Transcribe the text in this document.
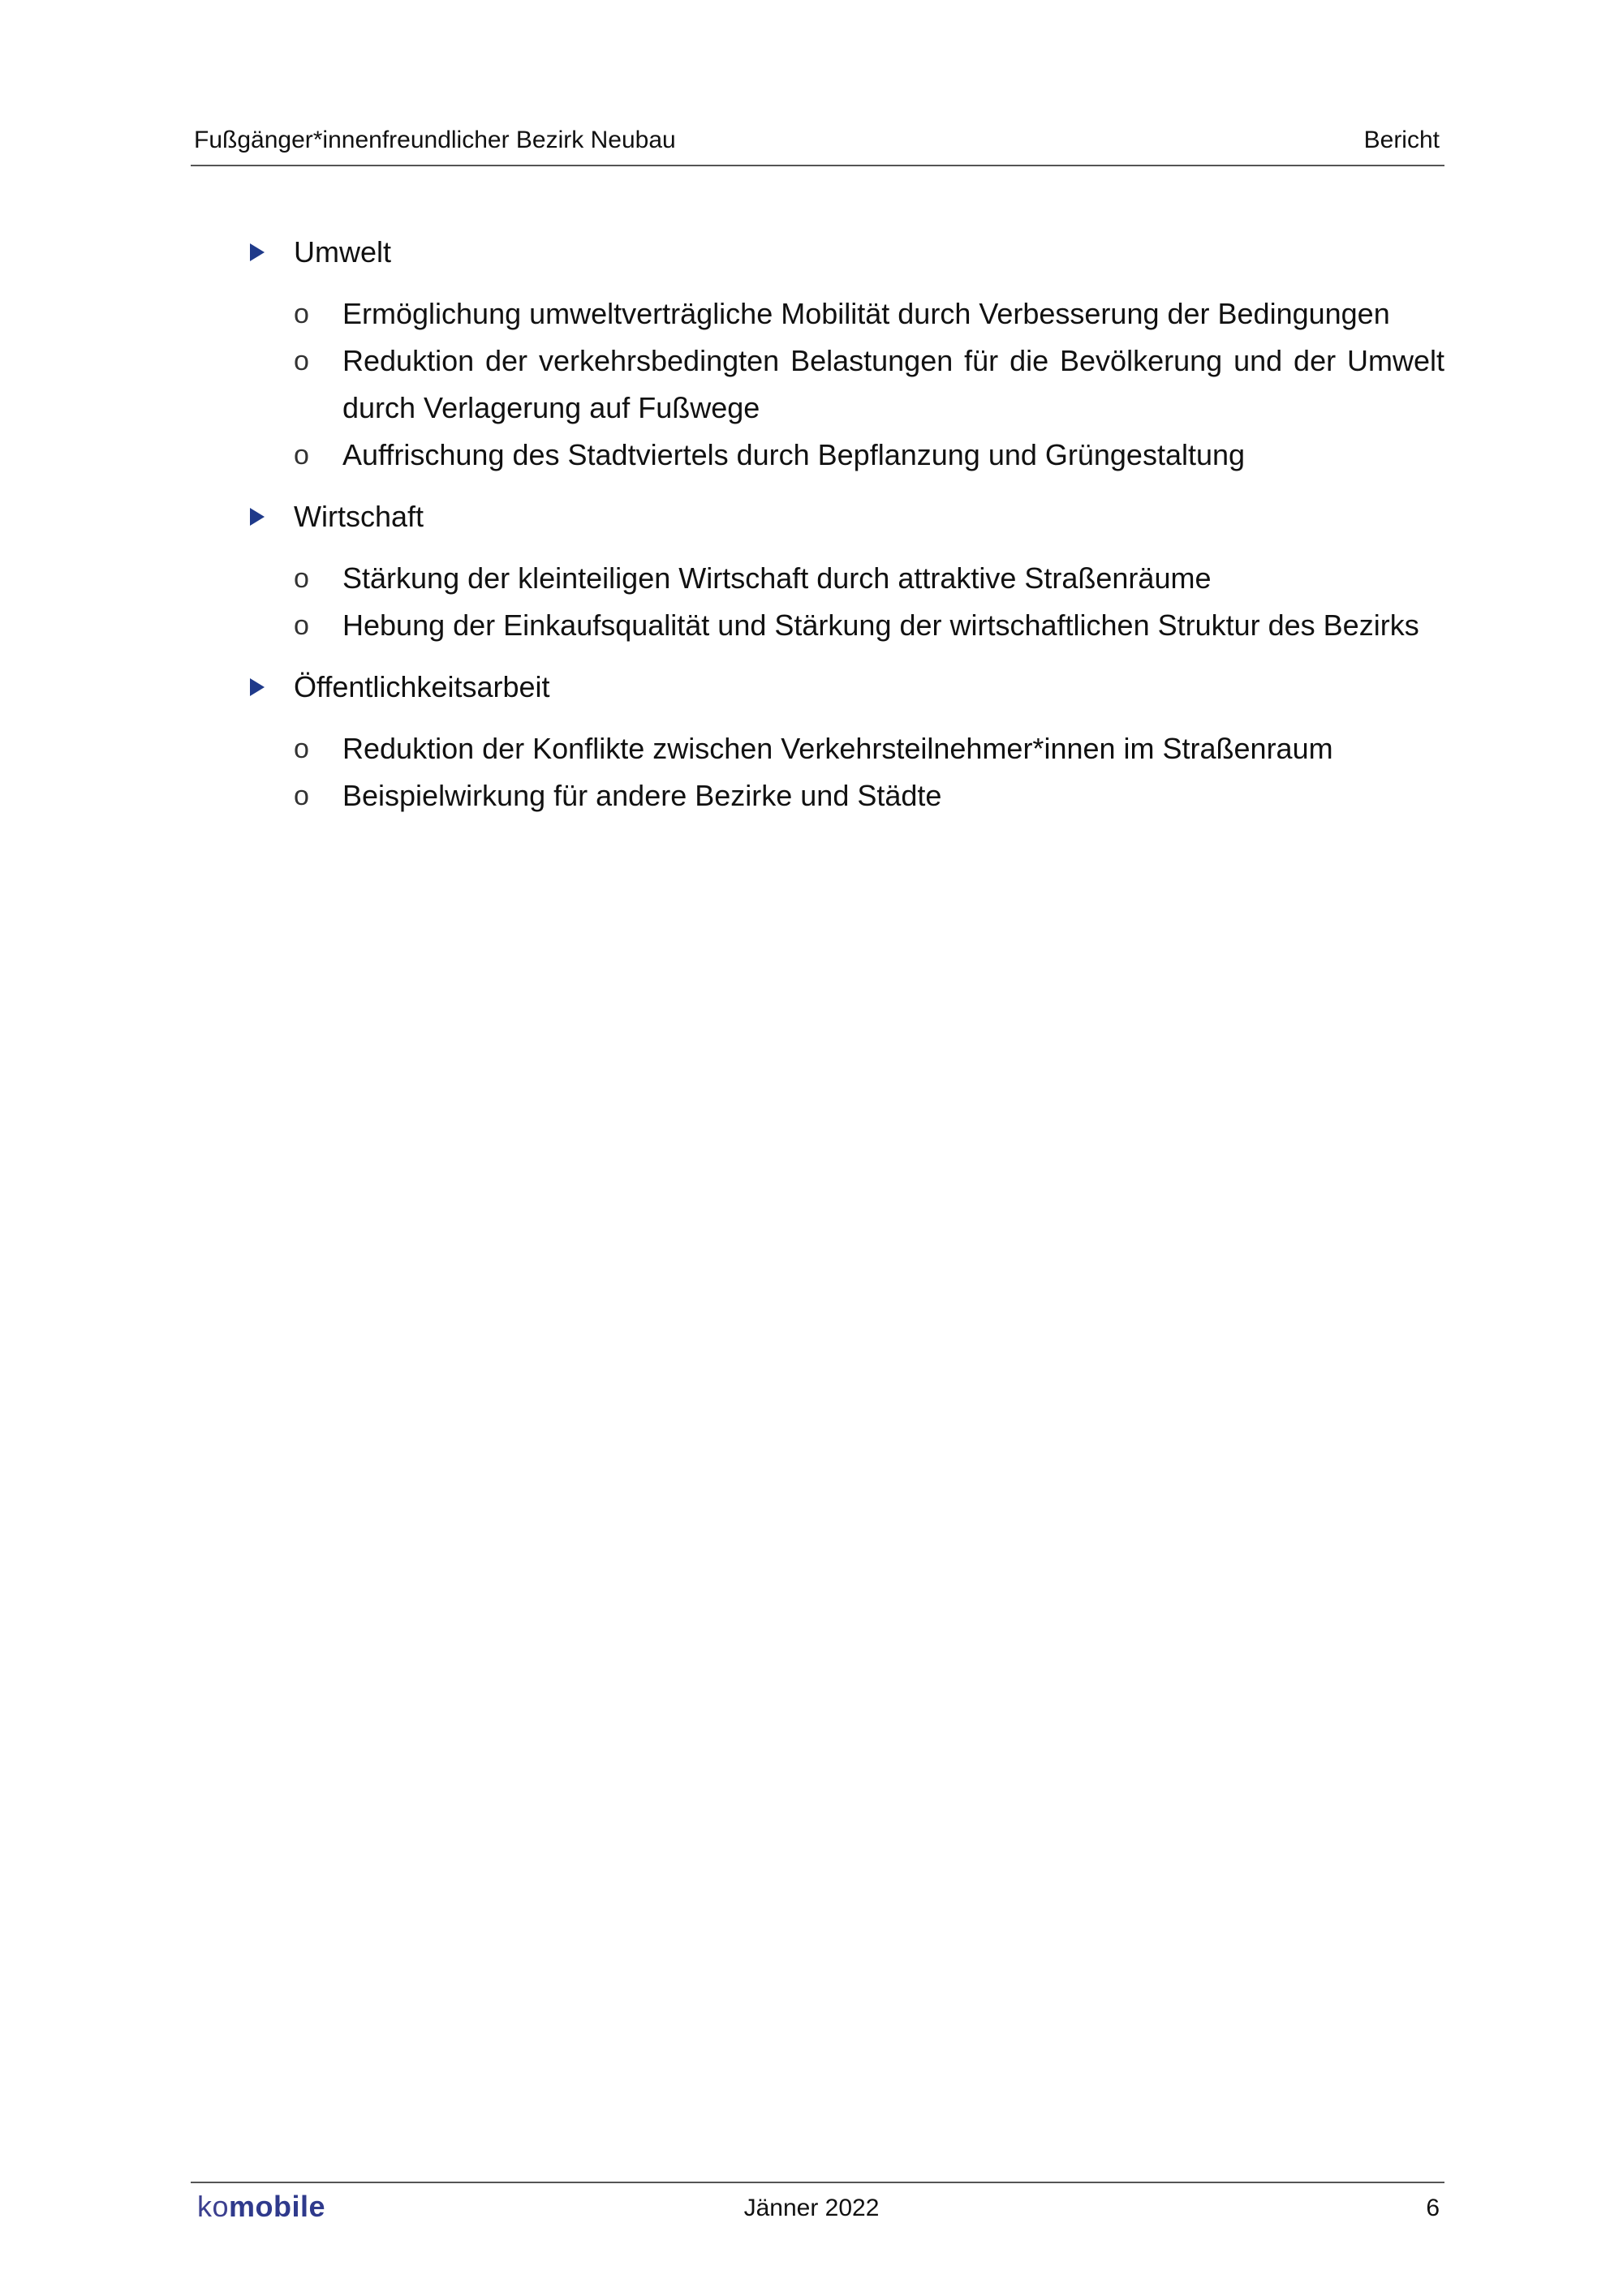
Fußgänger*innenfreundlicher Bezirk Neubau	Bericht
Umwelt
o Ermöglichung umweltverträgliche Mobilität durch Verbesserung der Bedingungen
o Reduktion der verkehrsbedingten Belastungen für die Bevölkerung und der Umwelt durch Verlagerung auf Fußwege
o Auffrischung des Stadtviertels durch Bepflanzung und Grüngestaltung
Wirtschaft
o Stärkung der kleinteiligen Wirtschaft durch attraktive Straßenräume
o Hebung der Einkaufsqualität und Stärkung der wirtschaftlichen Struktur des Bezirks
Öffentlichkeitsarbeit
o Reduktion der Konflikte zwischen Verkehrsteilnehmer*innen im Straßenraum
o Beispielwirkung für andere Bezirke und Städte
komobile	Jänner 2022	6
